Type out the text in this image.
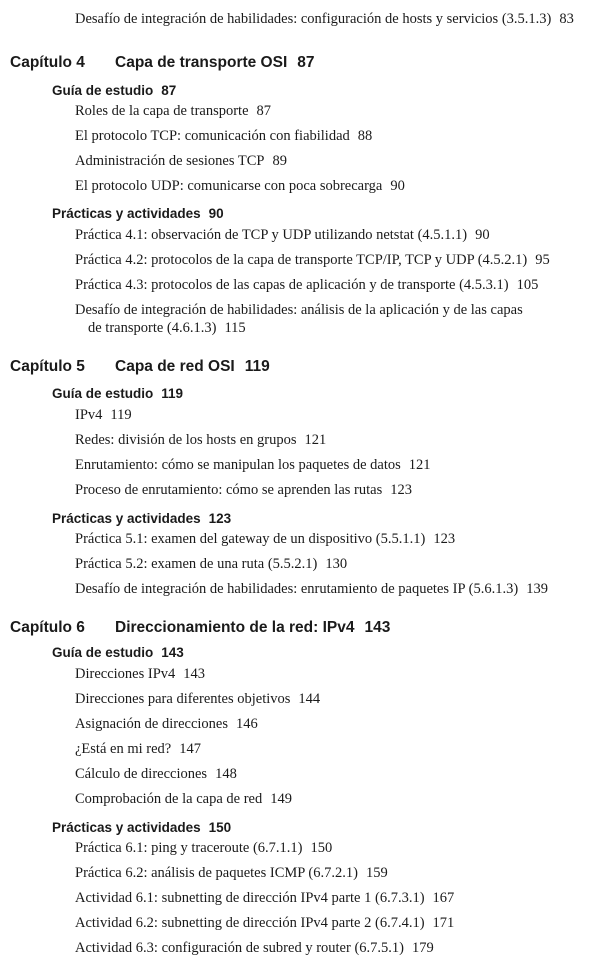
Desafío de integración de habilidades: configuración de hosts y servicios (3.5.1.3) 83
Capítulo 4 Capa de transporte OSI 87
Guía de estudio 87
Roles de la capa de transporte 87
El protocolo TCP: comunicación con fiabilidad 88
Administración de sesiones TCP 89
El protocolo UDP: comunicarse con poca sobrecarga 90
Prácticas y actividades 90
Práctica 4.1: observación de TCP y UDP utilizando netstat (4.5.1.1) 90
Práctica 4.2: protocolos de la capa de transporte TCP/IP, TCP y UDP (4.5.2.1) 95
Práctica 4.3: protocolos de las capas de aplicación y de transporte (4.5.3.1) 105
Desafío de integración de habilidades: análisis de la aplicación y de las capas
de transporte (4.6.1.3) 115
Capítulo 5 Capa de red OSI 119
Guía de estudio 119
IPv4 119
Redes: división de los hosts en grupos 121
Enrutamiento: cómo se manipulan los paquetes de datos 121
Proceso de enrutamiento: cómo se aprenden las rutas 123
Prácticas y actividades 123
Práctica 5.1: examen del gateway de un dispositivo (5.5.1.1) 123
Práctica 5.2: examen de una ruta (5.5.2.1) 130
Desafío de integración de habilidades: enrutamiento de paquetes IP (5.6.1.3) 139
Capítulo 6 Direccionamiento de la red: IPv4 143
Guía de estudio 143
Direcciones IPv4 143
Direcciones para diferentes objetivos 144
Asignación de direcciones 146
¿Está en mi red? 147
Cálculo de direcciones 148
Comprobación de la capa de red 149
Prácticas y actividades 150
Práctica 6.1: ping y traceroute (6.7.1.1) 150
Práctica 6.2: análisis de paquetes ICMP (6.7.2.1) 159
Actividad 6.1: subnetting de dirección IPv4 parte 1 (6.7.3.1) 167
Actividad 6.2: subnetting de dirección IPv4 parte 2 (6.7.4.1) 171
Actividad 6.3: configuración de subred y router (6.7.5.1) 179
